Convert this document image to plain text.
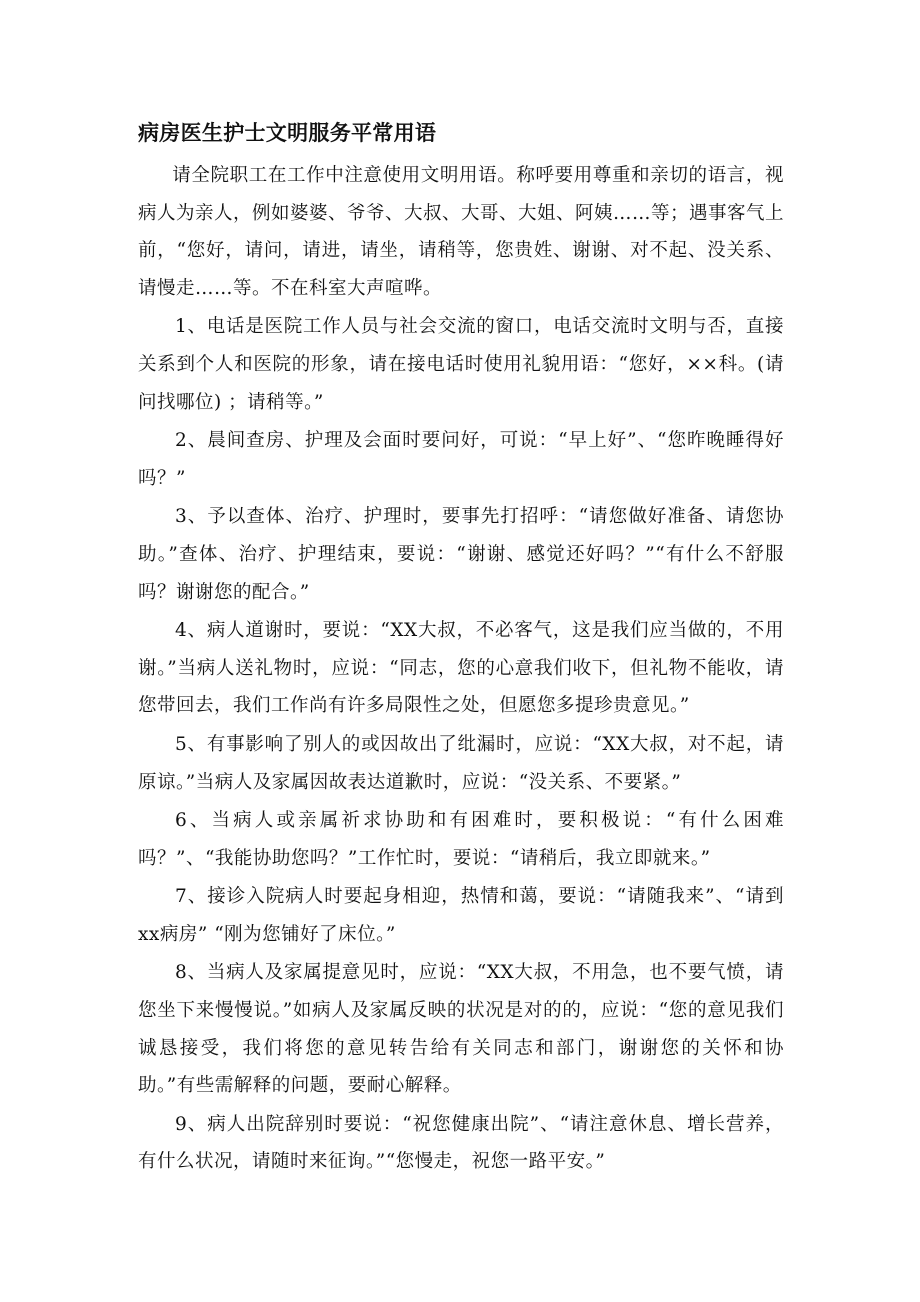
病房医生护士文明服务平常用语

请全院职工在工作中注意使用文明用语。称呼要用尊重和亲切的语言，视病人为亲人，例如婆婆、爷爷、大叔、大哥、大姐、阿姨……等；遇事客气上前，“您好，请问，请进，请坐，请稍等，您贵姓、谢谢、对不起、没关系、请慢走……等。不在科室大声喧哗。

1、电话是医院工作人员与社会交流的窗口，电话交流时文明与否，直接关系到个人和医院的形象，请在接电话时使用礼貌用语：“您好，××科。(请问找哪位) ；请稍等。”

2、晨间查房、护理及会面时要问好，可说：“早上好”、“您昨晚睡得好吗？”

3、予以查体、治疗、护理时，要事先打招呼：“请您做好准备、请您协助。”查体、治疗、护理结束，要说：“谢谢、感觉还好吗？”“有什么不舒服吗？谢谢您的配合。”

4、病人道谢时，要说：“XX大叔，不必客气，这是我们应当做的，不用谢。”当病人送礼物时，应说：“同志，您的心意我们收下，但礼物不能收，请您带回去，我们工作尚有许多局限性之处，但愿您多提珍贵意见。”

5、有事影响了别人的或因故出了纰漏时，应说：“XX大叔，对不起，请原谅。”当病人及家属因故表达道歉时，应说：“没关系、不要紧。”

6、当病人或亲属祈求协助和有困难时，要积极说：“有什么困难吗？”、“我能协助您吗？”工作忙时，要说：“请稍后，我立即就来。”

7、接诊入院病人时要起身相迎，热情和蔼，要说：“请随我来”、“请到xx病房” “刚为您铺好了床位。”

8、当病人及家属提意见时，应说：“XX大叔，不用急，也不要气愤，请您坐下来慢慢说。”如病人及家属反映的状况是对的的，应说：“您的意见我们诚恳接受，我们将您的意见转告给有关同志和部门，谢谢您的关怀和协助。”有些需解释的问题，要耐心解释。

9、病人出院辞别时要说：“祝您健康出院”、“请注意休息、增长营养，有什么状况，请随时来征询。”“您慢走，祝您一路平安。”
